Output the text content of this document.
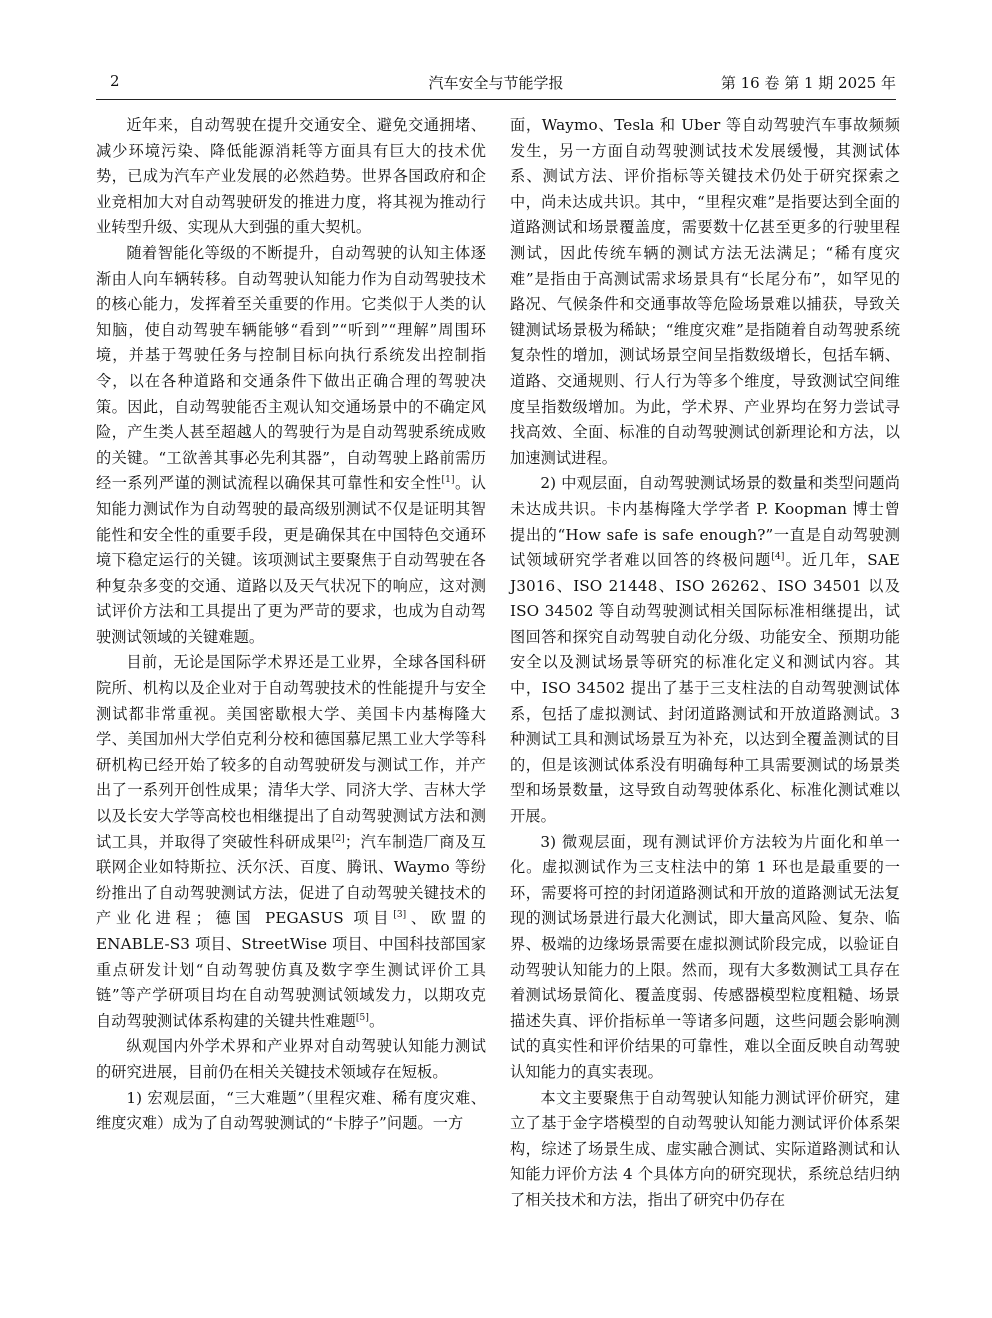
2	汽车安全与节能学报	第 16 卷 第 1 期 2025 年

近年来，自动驾驶在提升交通安全、避免交通拥堵、减少环境污染、降低能源消耗等方面具有巨大的技术优势，已成为汽车产业发展的必然趋势。世界各国政府和企业竞相加大对自动驾驶研发的推进力度，将其视为推动行业转型升级、实现从大到强的重大契机。

随着智能化等级的不断提升，自动驾驶的认知主体逐渐由人向车辆转移。自动驾驶认知能力作为自动驾驶技术的核心能力，发挥着至关重要的作用。它类似于人类的认知脑，使自动驾驶车辆能够“看到”“听到”“理解”周围环境，并基于驾驶任务与控制目标向执行系统发出控制指令，以在各种道路和交通条件下做出正确合理的驾驶决策。因此，自动驾驶能否主观认知交通场景中的不确定风险，产生类人甚至超越人的驾驶行为是自动驾驶系统成败的关键。“工欲善其事必先利其器”，自动驾驶上路前需历经一系列严谨的测试流程以确保其可靠性和安全性[1]。认知能力测试作为自动驾驶的最高级别测试不仅是证明其智能性和安全性的重要手段，更是确保其在中国特色交通环境下稳定运行的关键。该项测试主要聚焦于自动驾驶在各种复杂多变的交通、道路以及天气状况下的响应，这对测试评价方法和工具提出了更为严苛的要求，也成为自动驾驶测试领域的关键难题。

目前，无论是国际学术界还是工业界，全球各国科研院所、机构以及企业对于自动驾驶技术的性能提升与安全测试都非常重视。美国密歇根大学、美国卡内基梅隆大学、美国加州大学伯克利分校和德国慕尼黑工业大学等科研机构已经开始了较多的自动驾驶研发与测试工作，并产出了一系列开创性成果；清华大学、同济大学、吉林大学以及长安大学等高校也相继提出了自动驾驶测试方法和测试工具，并取得了突破性科研成果[2]；汽车制造厂商及互联网企业如特斯拉、沃尔沃、百度、腾讯、Waymo 等纷纷推出了自动驾驶测试方法，促进了自动驾驶关键技术的产业化进程；德国 PEGASUS 项目[3]、欧盟的 ENABLE-S3 项目、StreetWise 项目、中国科技部国家重点研发计划“自动驾驶仿真及数字孪生测试评价工具链”等产学研项目均在自动驾驶测试领域发力，以期攻克自动驾驶测试体系构建的关键共性难题[5]。

纵观国内外学术界和产业界对自动驾驶认知能力测试的研究进展，目前仍在相关关键技术领域存在短板。

1) 宏观层面，“三大难题”（里程灾难、稀有度灾难、维度灾难）成为了自动驾驶测试的“卡脖子”问题。一方

面，Waymo、Tesla 和 Uber 等自动驾驶汽车事故频频发生，另一方面自动驾驶测试技术发展缓慢，其测试体系、测试方法、评价指标等关键技术仍处于研究探索之中，尚未达成共识。其中，“里程灾难”是指要达到全面的道路测试和场景覆盖度，需要数十亿甚至更多的行驶里程测试，因此传统车辆的测试方法无法满足；“稀有度灾难”是指由于高测试需求场景具有“长尾分布”，如罕见的路况、气候条件和交通事故等危险场景难以捕获，导致关键测试场景极为稀缺；“维度灾难”是指随着自动驾驶系统复杂性的增加，测试场景空间呈指数级增长，包括车辆、道路、交通规则、行人行为等多个维度，导致测试空间维度呈指数级增加。为此，学术界、产业界均在努力尝试寻找高效、全面、标准的自动驾驶测试创新理论和方法，以加速测试进程。

2) 中观层面，自动驾驶测试场景的数量和类型问题尚未达成共识。卡内基梅隆大学学者 P. Koopman 博士曾提出的“How safe is safe enough?”一直是自动驾驶测试领域研究学者难以回答的终极问题[4]。近几年，SAE J3016、ISO 21448、ISO 26262、ISO 34501 以及 ISO 34502 等自动驾驶测试相关国际标准相继提出，试图回答和探究自动驾驶自动化分级、功能安全、预期功能安全以及测试场景等研究的标准化定义和测试内容。其中，ISO 34502 提出了基于三支柱法的自动驾驶测试体系，包括了虚拟测试、封闭道路测试和开放道路测试。3 种测试工具和测试场景互为补充，以达到全覆盖测试的目的，但是该测试体系没有明确每种工具需要测试的场景类型和场景数量，这导致自动驾驶体系化、标准化测试难以开展。

3) 微观层面，现有测试评价方法较为片面化和单一化。虚拟测试作为三支柱法中的第 1 环也是最重要的一环，需要将可控的封闭道路测试和开放的道路测试无法复现的测试场景进行最大化测试，即大量高风险、复杂、临界、极端的边缘场景需要在虚拟测试阶段完成，以验证自动驾驶认知能力的上限。然而，现有大多数测试工具存在着测试场景简化、覆盖度弱、传感器模型粒度粗糙、场景描述失真、评价指标单一等诸多问题，这些问题会影响测试的真实性和评价结果的可靠性，难以全面反映自动驾驶认知能力的真实表现。

本文主要聚焦于自动驾驶认知能力测试评价研究，建立了基于金字塔模型的自动驾驶认知能力测试评价体系架构，综述了场景生成、虚实融合测试、实际道路测试和认知能力评价方法 4 个具体方向的研究现状，系统总结归纳了相关技术和方法，指出了研究中仍存在
